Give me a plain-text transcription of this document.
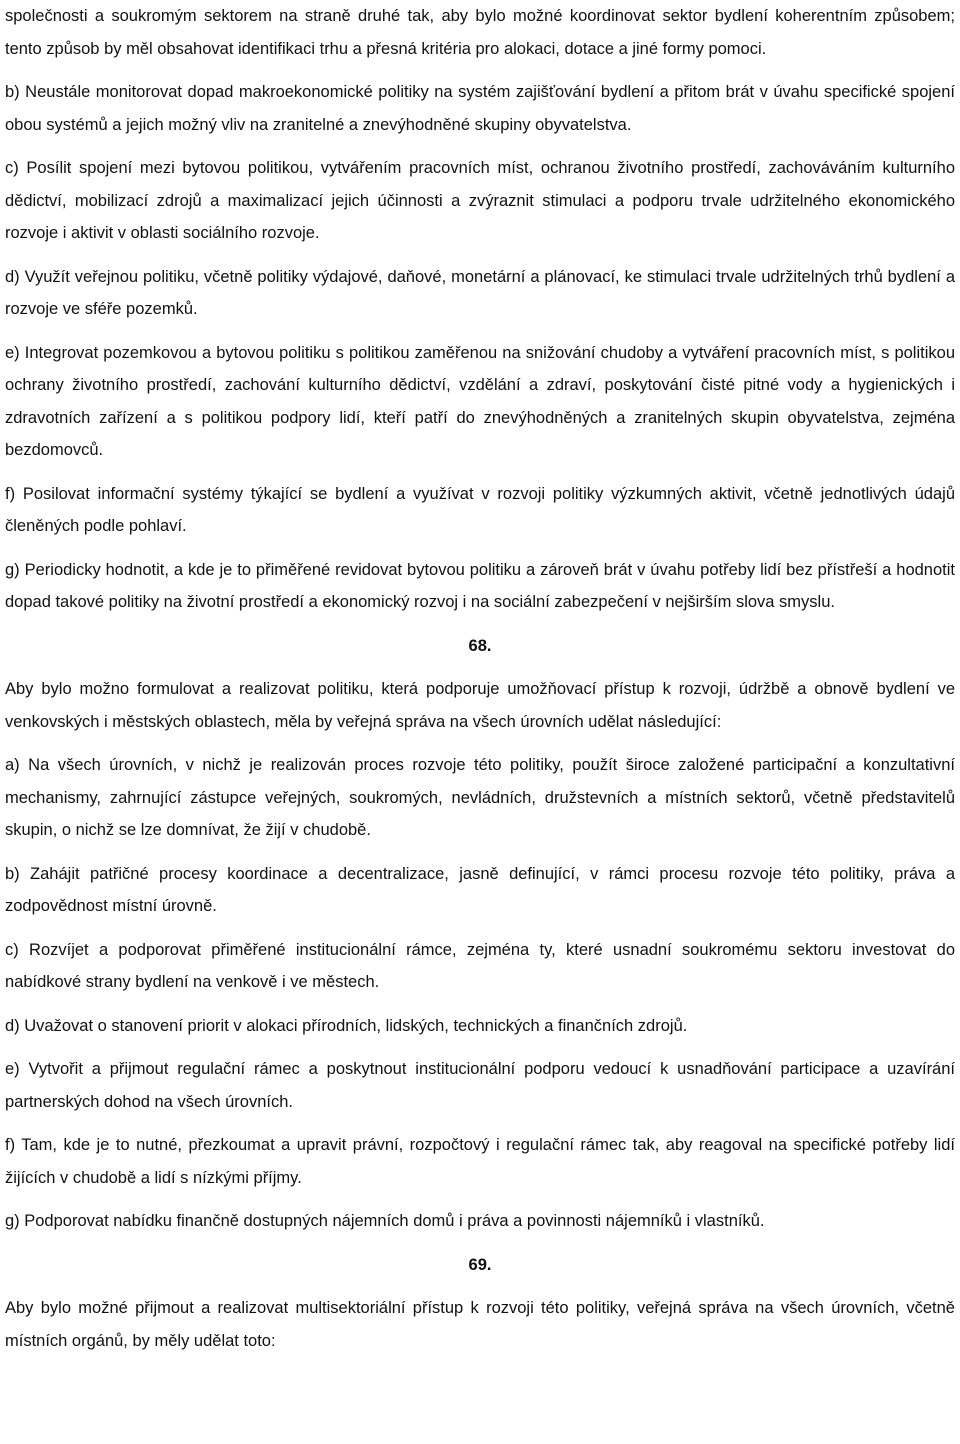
společnosti a soukromým sektorem na straně druhé tak, aby bylo možné koordinovat sektor bydlení koherentním způsobem; tento způsob by měl obsahovat identifikaci trhu a přesná kritéria pro alokaci, dotace a jiné formy pomoci.

b) Neustále monitorovat dopad makroekonomické politiky na systém zajišťování bydlení a přitom brát v úvahu specifické spojení obou systémů a jejich možný vliv na zranitelné a znevýhodněné skupiny obyvatelstva.

c) Posílit spojení mezi bytovou politikou, vytvářením pracovních míst, ochranou životního prostředí, zachováváním kulturního dědictví, mobilizací zdrojů a maximalizací jejich účinnosti a zvýraznit stimulaci a podporu trvale udržitelného ekonomického rozvoje i aktivit v oblasti sociálního rozvoje.

d) Využít veřejnou politiku, včetně politiky výdajové, daňové, monetární a plánovací, ke stimulaci trvale udržitelných trhů bydlení a rozvoje ve sféře pozemků.

e) Integrovat pozemkovou a bytovou politiku s politikou zaměřenou na snižování chudoby a vytváření pracovních míst, s politikou ochrany životního prostředí, zachování kulturního dědictví, vzdělání a zdraví, poskytování čisté pitné vody a hygienických i zdravotních zařízení a s politikou podpory lidí, kteří patří do znevýhodněných a zranitelných skupin obyvatelstva, zejména bezdomovců.

f) Posilovat informační systémy týkající se bydlení a využívat v rozvoji politiky výzkumných aktivit, včetně jednotlivých údajů členěných podle pohlaví.

g) Periodicky hodnotit, a kde je to přiměřené revidovat bytovou politiku a zároveň brát v úvahu potřeby lidí bez přístřeší a hodnotit dopad takové politiky na životní prostředí a ekonomický rozvoj i na sociální zabezpečení v nejširším slova smyslu.

68.

Aby bylo možno formulovat a realizovat politiku, která podporuje umožňovací přístup k rozvoji, údržbě a obnově bydlení ve venkovských i městských oblastech, měla by veřejná správa na všech úrovních udělat následující:

a) Na všech úrovních, v nichž je realizován proces rozvoje této politiky, použít široce založené participační a konzultativní mechanismy, zahrnující zástupce veřejných, soukromých, nevládních, družstevních a místních sektorů, včetně představitelů skupin, o nichž se lze domnívat, že žijí v chudobě.

b) Zahájit patřičné procesy koordinace a decentralizace, jasně definující, v rámci procesu rozvoje této politiky, práva a zodpovědnost místní úrovně.

c) Rozvíjet a podporovat přiměřené institucionální rámce, zejména ty, které usnadní soukromému sektoru investovat do nabídkové strany bydlení na venkově i ve městech.

d) Uvažovat o stanovení priorit v alokaci přírodních, lidských, technických a finančních zdrojů.

e) Vytvořit a přijmout regulační rámec a poskytnout institucionální podporu vedoucí k usnadňování participace a uzavírání partnerských dohod na všech úrovních.

f) Tam, kde je to nutné, přezkoumat a upravit právní, rozpočtový i regulační rámec tak, aby reagoval na specifické potřeby lidí žijících v chudobě a lidí s nízkými příjmy.

g) Podporovat nabídku finančně dostupných nájemních domů i práva a povinnosti nájemníků i vlastníků.

69.

Aby bylo možné přijmout a realizovat multisektoriální přístup k rozvoji této politiky, veřejná správa na všech úrovních, včetně místních orgánů, by měly udělat toto:
